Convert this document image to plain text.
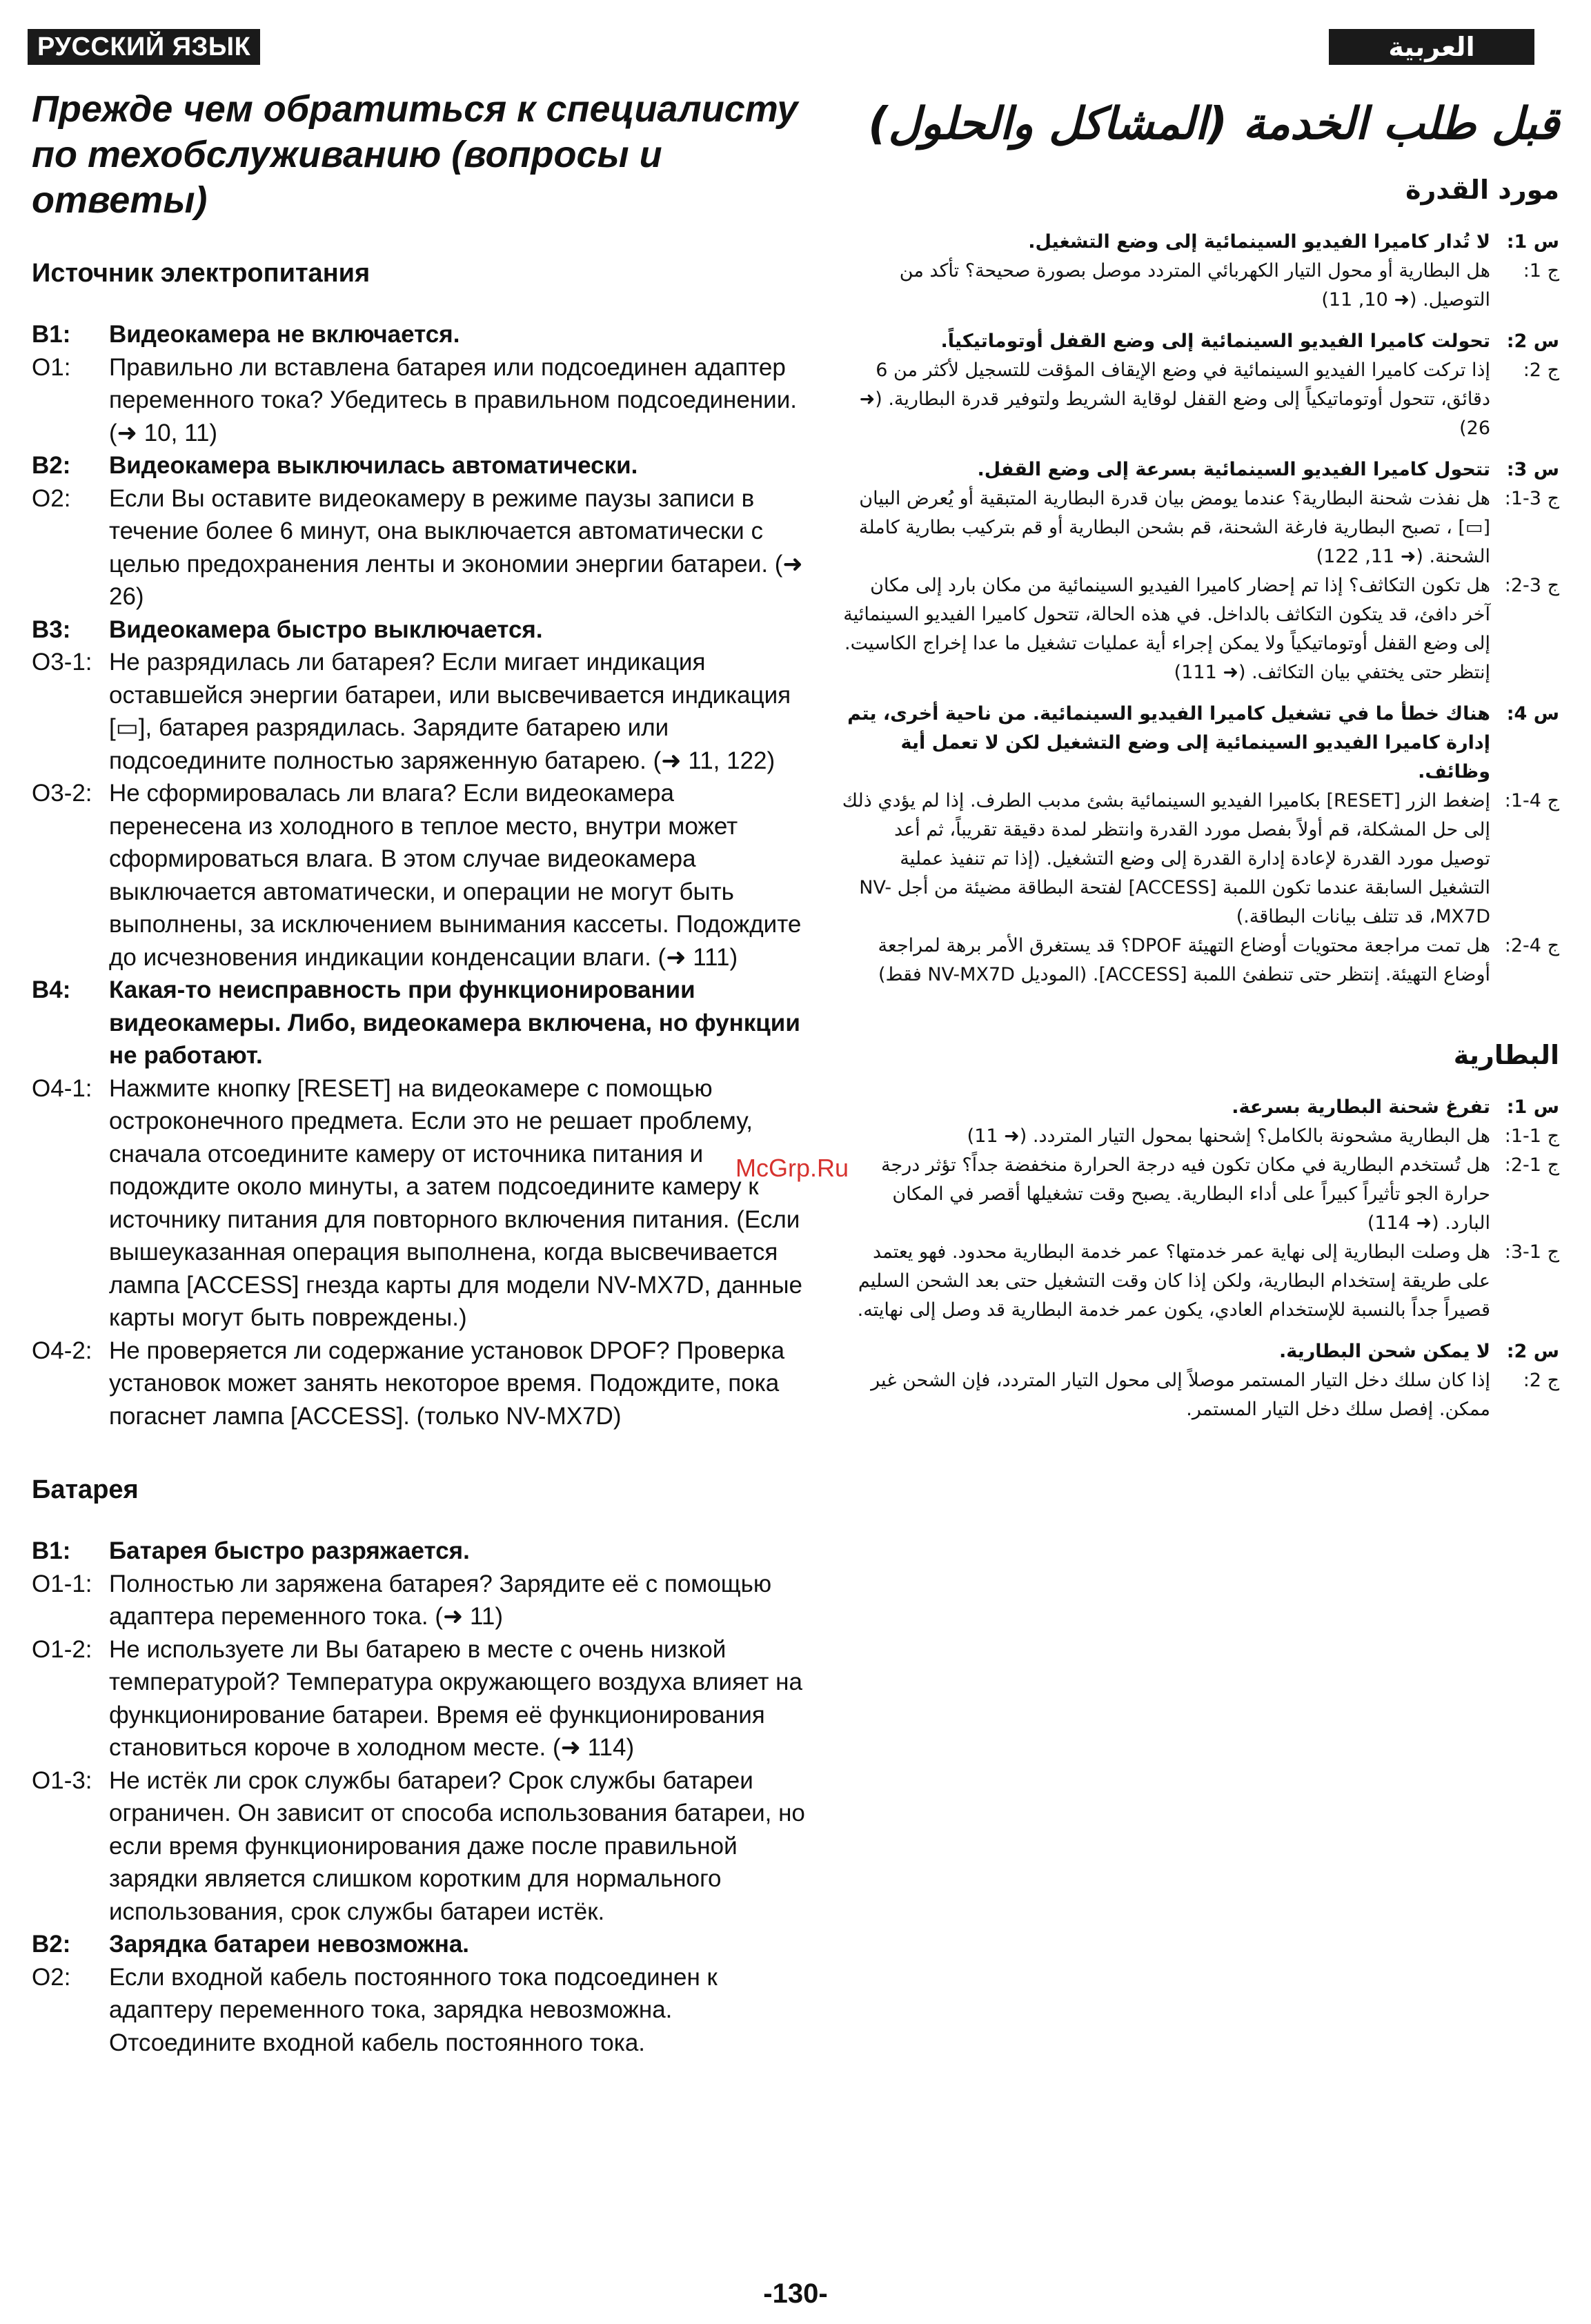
РУССКИЙ ЯЗЫК	العربية
Прежде чем обратиться к специалисту по техобслуживанию (вопросы и ответы)
Источник электропитания
В1:	Видеокамера не включается.
О1:	Правильно ли вставлена батарея или подсоединен адаптер переменного тока? Убедитесь в правильном подсоединении. (➜ 10, 11)
В2:	Видеокамера выключилась автоматически.
О2:	Если Вы оставите видеокамеру в режиме паузы записи в течение более 6 минут, она выключается автоматически с целью предохранения ленты и экономии энергии батареи. (➜ 26)
В3:	Видеокамера быстро выключается.
О3-1: Не разрядилась ли батарея? Если мигает индикация оставшейся энергии батареи, или высвечивается индикация [▭], батарея разрядилась. Зарядите батарею или подсоедините полностью заряженную батарею. (➜ 11, 122)
О3-2: Не сформировалась ли влага? Если видеокамера перенесена из холодного в теплое место, внутри может сформироваться влага. В этом случае видеокамера выключается автоматически, и операции не могут быть выполнены, за исключением вынимания кассеты. Подождите до исчезновения индикации конденсации влаги. (➜ 111)
В4:	Какая-то неисправность при функционировании видеокамеры. Либо, видеокамера включена, но функции не работают.
О4-1: Нажмите кнопку [RESET] на видеокамере с помощью остроконечного предмета. Если это не решает проблему, сначала отсоедините камеру от источника питания и подождите около минуты, а затем подсоедините камеру к источнику питания для повторного включения питания. (Если вышеуказанная операция выполнена, когда высвечивается лампа [ACCESS] гнезда карты для модели NV-MX7D, данные карты могут быть повреждены.)
О4-2: Не проверяется ли содержание установок DPOF? Проверка установок может занять некоторое время. Подождите, пока погаснет лампа [ACCESS]. (только NV-MX7D)
Батарея
В1:	Батарея быстро разряжается.
О1-1: Полностью ли заряжена батарея? Зарядите её с помощью адаптера переменного тока. (➜ 11)
О1-2: Не используете ли Вы батарею в месте с очень низкой температурой? Температура окружающего воздуха влияет на функционирование батареи. Время её функционирования становиться короче в холодном месте. (➜ 114)
О1-3: Не истёк ли срок службы батареи? Срок службы батареи ограничен. Он зависит от способа использования батареи, но если время функционирования даже после правильной зарядки является слишком коротким для нормального использования, срок службы батареи истёк.
В2:	Зарядка батареи невозможна.
О2:	Если входной кабель постоянного тока подсоединен к адаптеру переменного тока, зарядка невозможна. Отсоедините входной кабель постоянного тока.
قبل طلب الخدمة (المشاكل والحلول)
مورد القدرة
س 1:
لا تُدار كاميرا الفيديو السينمائية إلى وضع التشغيل.
ج 1:
هل البطارية أو محول التيار الكهربائي المتردد موصل بصورة صحيحة؟ تأكد من التوصيل. (➜ 10, 11)
س 2:
تحولت كاميرا الفيديو السينمائية إلى وضع القفل أوتوماتيكياً.
ج 2:
إذا تركت كاميرا الفيديو السينمائية في وضع الإيقاف المؤقت للتسجيل لأكثر من 6 دقائق، تتحول أوتوماتيكياً إلى وضع القفل لوقاية الشريط ولتوفير قدرة البطارية. (➜ 26)
س 3:
تتحول كاميرا الفيديو السينمائية بسرعة إلى وضع القفل.
ج 3-1:
هل نفذت شحنة البطارية؟ عندما يومض بيان قدرة البطارية المتبقية أو يُعرض البيان [▭] ، تصبح البطارية فارغة الشحنة، قم بشحن البطارية أو قم بتركيب بطارية كاملة الشحنة. (➜ 11, 122)
ج 3-2:
هل تكون التكاثف؟ إذا تم إحضار كاميرا الفيديو السينمائية من مكان بارد إلى مكان آخر دافئ، قد يتكون التكاثف بالداخل. في هذه الحالة، تتحول كاميرا الفيديو السينمائية إلى وضع القفل أوتوماتيكياً ولا يمكن إجراء أية عمليات تشغيل ما عدا إخراج الكاسيت. إنتظر حتى يختفي بيان التكاثف. (➜ 111)
س 4:
هناك خطأ ما في تشغيل كاميرا الفيديو السينمائية. من ناحية أخرى، يتم إدارة كاميرا الفيديو السينمائية إلى وضع التشغيل لكن لا تعمل أية وظائف.
ج 4-1:
إضغط الزر [RESET] بكاميرا الفيديو السينمائية بشئ مدبب الطرف. إذا لم يؤدي ذلك إلى حل المشكلة، قم أولاً بفصل مورد القدرة وانتظر لمدة دقيقة تقريباً، ثم أعد توصيل مورد القدرة لإعادة إدارة القدرة إلى وضع التشغيل. (إذا تم تنفيذ عملية التشغيل السابقة عندما تكون اللمبة [ACCESS] لفتحة البطاقة مضيئة من أجل NV-MX7D، قد تتلف بيانات البطاقة.)
ج 4-2:
هل تمت مراجعة محتويات أوضاع التهيئة DPOF؟ قد يستغرق الأمر برهة لمراجعة أوضاع التهيئة. إنتظر حتى تنطفئ اللمبة [ACCESS]. (الموديل NV-MX7D فقط)
البطارية
س 1:
تفرغ شحنة البطارية بسرعة.
ج 1-1:
هل البطارية مشحونة بالكامل؟ إشحنها بمحول التيار المتردد. (➜ 11)
ج 1-2:
هل تُستخدم البطارية في مكان تكون فيه درجة الحرارة منخفضة جداً؟ تؤثر درجة حرارة الجو تأثيراً كبيراً على أداء البطارية. يصبح وقت تشغيلها أقصر في المكان البارد. (➜ 114)
ج 1-3:
هل وصلت البطارية إلى نهاية عمر خدمتها؟ عمر خدمة البطارية محدود. فهو يعتمد على طريقة إستخدام البطارية، ولكن إذا كان وقت التشغيل حتى بعد الشحن السليم قصيراً جداً بالنسبة للإستخدام العادي، يكون عمر خدمة البطارية قد وصل إلى نهايته.
س 2:
لا يمكن شحن البطارية.
ج 2:
إذا كان سلك دخل التيار المستمر موصلاً إلى محول التيار المتردد، فإن الشحن غير ممكن. إفصل سلك دخل التيار المستمر.
McGrp.Ru
-130-
